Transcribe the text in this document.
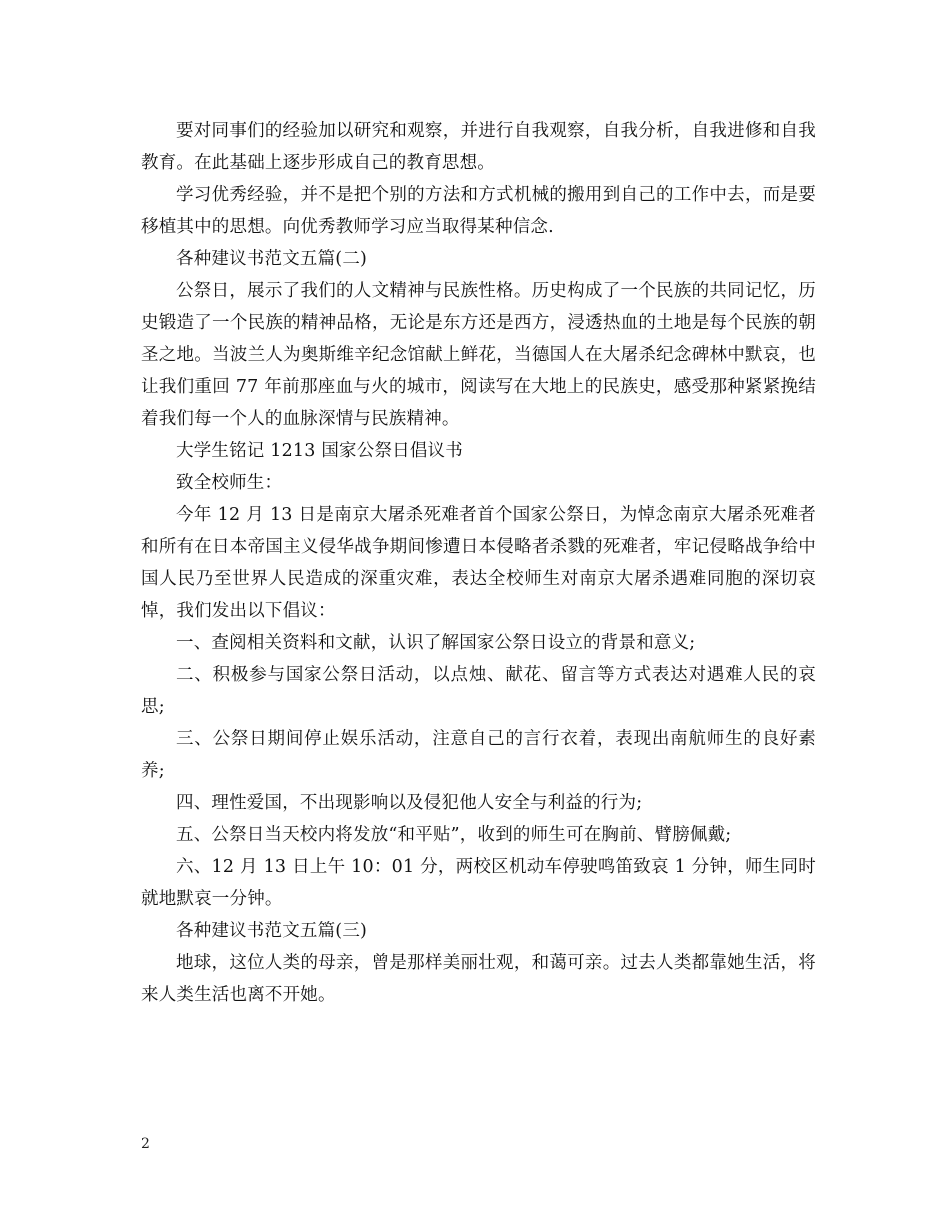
要对同事们的经验加以研究和观察，并进行自我观察，自我分析，自我进修和自我教育。在此基础上逐步形成自己的教育思想。

学习优秀经验，并不是把个别的方法和方式机械的搬用到自己的工作中去，而是要移植其中的思想。向优秀教师学习应当取得某种信念.

各种建议书范文五篇(二)

公祭日，展示了我们的人文精神与民族性格。历史构成了一个民族的共同记忆，历史锻造了一个民族的精神品格，无论是东方还是西方，浸透热血的土地是每个民族的朝圣之地。当波兰人为奥斯维辛纪念馆献上鲜花，当德国人在大屠杀纪念碑林中默哀，也让我们重回 77 年前那座血与火的城市，阅读写在大地上的民族史，感受那种紧紧挽结着我们每一个人的血脉深情与民族精神。

大学生铭记 1213 国家公祭日倡议书

致全校师生：

今年 12 月 13 日是南京大屠杀死难者首个国家公祭日，为悼念南京大屠杀死难者和所有在日本帝国主义侵华战争期间惨遭日本侵略者杀戮的死难者，牢记侵略战争给中国人民乃至世界人民造成的深重灾难，表达全校师生对南京大屠杀遇难同胞的深切哀悼，我们发出以下倡议：

一、查阅相关资料和文献，认识了解国家公祭日设立的背景和意义;

二、积极参与国家公祭日活动，以点烛、献花、留言等方式表达对遇难人民的哀思;

三、公祭日期间停止娱乐活动，注意自己的言行衣着，表现出南航师生的良好素养;

四、理性爱国，不出现影响以及侵犯他人安全与利益的行为;

五、公祭日当天校内将发放“和平贴”，收到的师生可在胸前、臂膀佩戴;

六、12 月 13 日上午 10：01 分，两校区机动车停驶鸣笛致哀 1 分钟，师生同时就地默哀一分钟。

各种建议书范文五篇(三)

地球，这位人类的母亲，曾是那样美丽壮观，和蔼可亲。过去人类都靠她生活，将来人类生活也离不开她。

2
